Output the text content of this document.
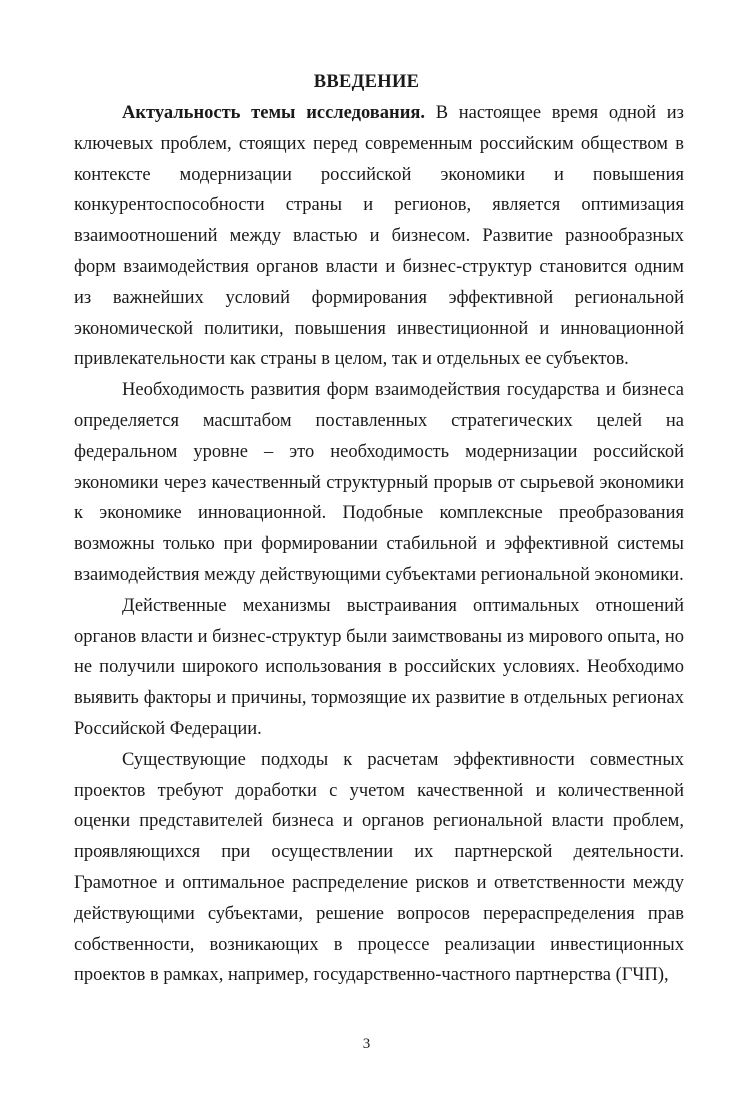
ВВЕДЕНИЕ

Актуальность темы исследования. В настоящее время одной из ключевых проблем, стоящих перед современным российским обществом в контексте модернизации российской экономики и повышения конкурентоспособности страны и регионов, является оптимизация взаимоотношений между властью и бизнесом. Развитие разнообразных форм взаимодействия органов власти и бизнес-структур становится одним из важнейших условий формирования эффективной региональной экономической политики, повышения инвестиционной и инновационной привлекательности как страны в целом, так и отдельных ее субъектов.

Необходимость развития форм взаимодействия государства и бизнеса определяется масштабом поставленных стратегических целей на федеральном уровне – это необходимость модернизации российской экономики через качественный структурный прорыв от сырьевой экономики к экономике инновационной. Подобные комплексные преобразования возможны только при формировании стабильной и эффективной системы взаимодействия между действующими субъектами региональной экономики.

Действенные механизмы выстраивания оптимальных отношений органов власти и бизнес-структур были заимствованы из мирового опыта, но не получили широкого использования в российских условиях. Необходимо выявить факторы и причины, тормозящие их развитие в отдельных регионах Российской Федерации.

Существующие подходы к расчетам эффективности совместных проектов требуют доработки с учетом качественной и количественной оценки представителей бизнеса и органов региональной власти проблем, проявляющихся при осуществлении их партнерской деятельности. Грамотное и оптимальное распределение рисков и ответственности между действующими субъектами, решение вопросов перераспределения прав собственности, возникающих в процессе реализации инвестиционных проектов в рамках, например, государственно-частного партнерства (ГЧП),

3
